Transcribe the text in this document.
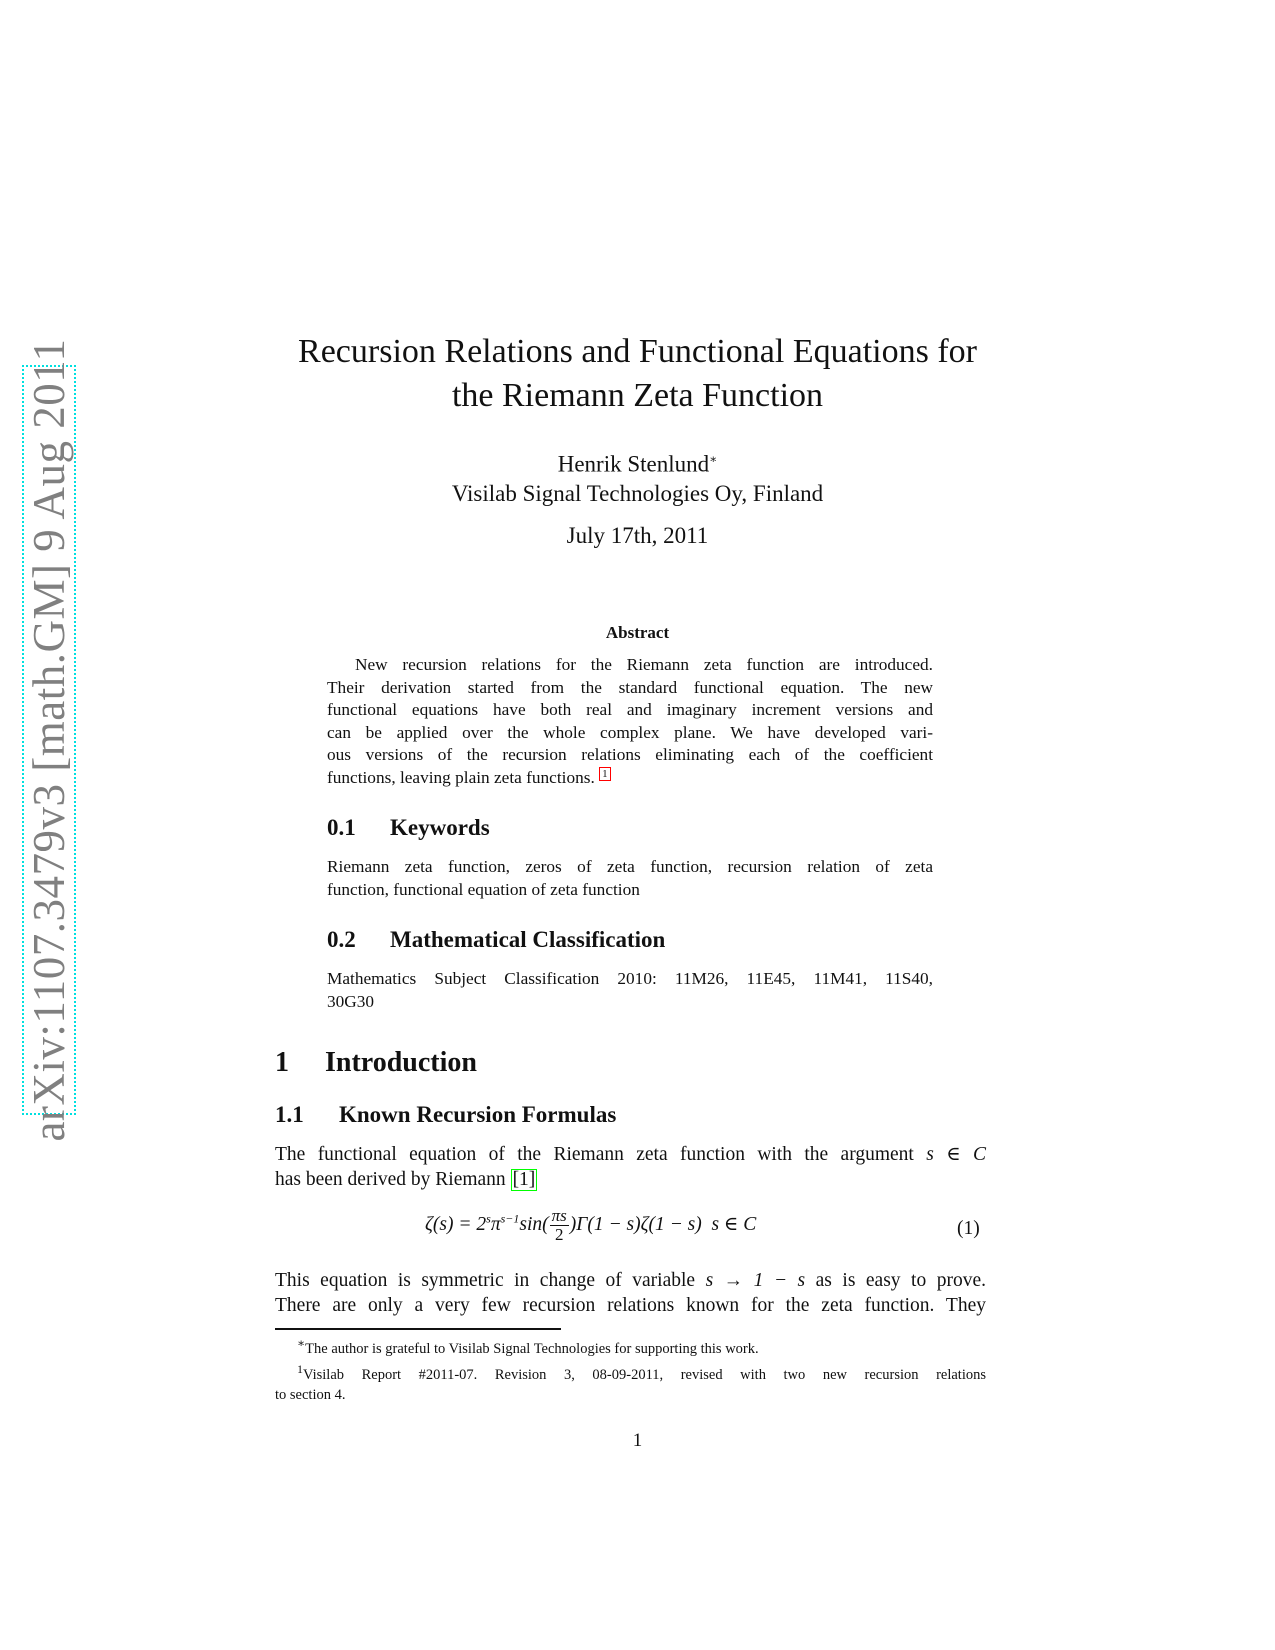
arXiv:1107.3479v3 [math.GM] 9 Aug 2011	Recursion Relations and Functional Equations for
the Riemann Zeta Function
Henrik Stenlund∗
Visilab Signal Technologies Oy, Finland
July 17th, 2011
Abstract
New recursion relations for the Riemann zeta function are introduced.
Their derivation started from the standard functional equation. The new
functional equations have both real and imaginary increment versions and
can be applied over the whole complex plane. We have developed vari-
ous versions of the recursion relations eliminating each of the coefficient
functions, leaving plain zeta functions. 1
0.1 Keywords
Riemann zeta function, zeros of zeta function, recursion relation of zeta
function, functional equation of zeta function
0.2 Mathematical Classification
Mathematics Subject Classification 2010: 11M26, 11E45, 11M41, 11S40,
30G30
1 Introduction
1.1 Known Recursion Formulas
The functional equation of the Riemann zeta function with the argument s ∈ C
has been derived by Riemann [1]
$\zeta(s) = 2^s\pi^{s-1}\sin( \frac{\pi s}{2} )\Gamma(1 - s)\zeta(1 - s)$ s ∈ C	(1)
This equation is symmetric in change of variable s → 1 − s as is easy to prove.
There are only a very few recursion relations known for the zeta function. They
∗The author is grateful to Visilab Signal Technologies for supporting this work.
$^1$Visilab Report #2011-07. Revision 3, 08-09-2011, revised with two new recursion relations
to section 4.
1
